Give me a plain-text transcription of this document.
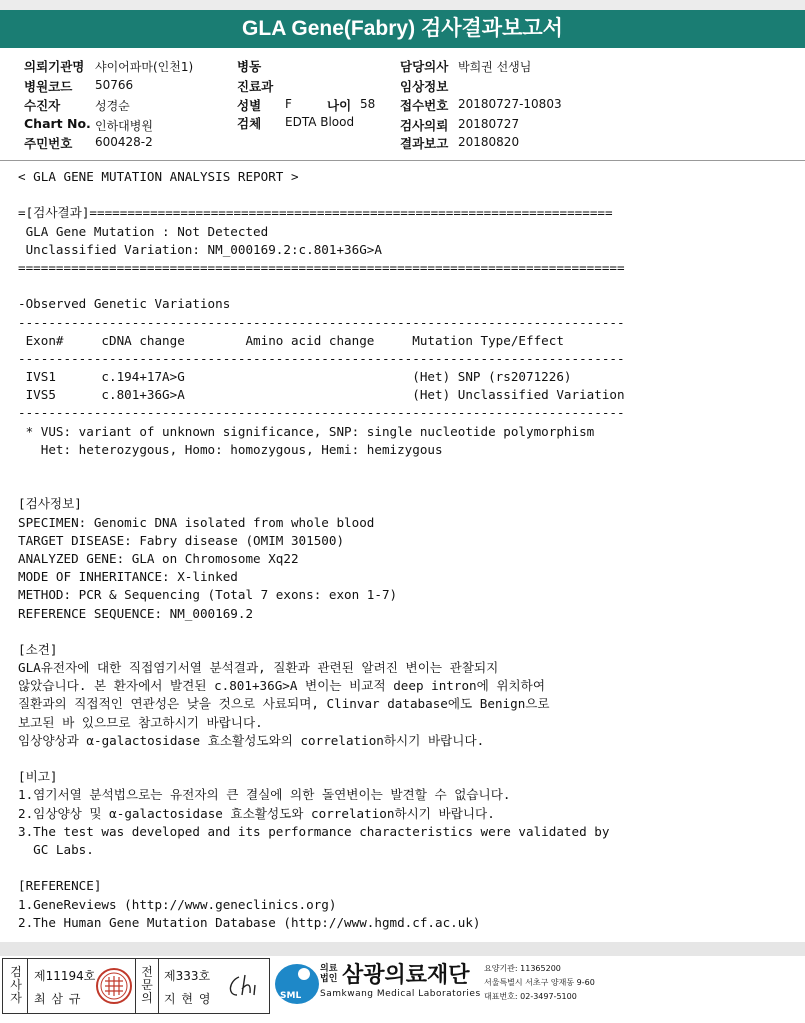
GLA Gene(Fabry) 검사결과보고서
의뢰기관명 샤이어파마(인천1)
병원코드 50766
수진자	성경순
Chart No. 인하대병원
주민번호 600428-2
병동
진료과
성별 F	나이 58
검체 EDTA Blood
담당의사 박희권 선생님
임상정보
접수번호 20180727-10803
검사의뢰 20180727
결과보고 20180820
< GLA GENE MUTATION ANALYSIS REPORT >
=[검사결과]=====================================================================
GLA Gene Mutation : Not Detected
Unclassified Variation: NM_000169.2:c.801+36G>A
================================================================================
-Observed Genetic Variations
--------------------------------------------------------------------------------
Exon#     cDNA change        Amino acid change     Mutation Type/Effect
--------------------------------------------------------------------------------
IVS1      c.194+17A>G                              (Het) SNP (rs2071226)
IVS5      c.801+36G>A                              (Het) Unclassified Variation
--------------------------------------------------------------------------------
* VUS: variant of unknown significance, SNP: single nucleotide polymorphism
Het: heterozygous, Homo: homozygous, Hemi: hemizygous
[검사정보]
SPECIMEN: Genomic DNA isolated from whole blood
TARGET DISEASE: Fabry disease (OMIM 301500)
ANALYZED GENE: GLA on Chromosome Xq22
MODE OF INHERITANCE: X-linked
METHOD: PCR & Sequencing (Total 7 exons: exon 1-7)
REFERENCE SEQUENCE: NM_000169.2
[소견]
GLA유전자에 대한 직접염기서열 분석결과, 질환과 관련된 알려진 변이는 관찰되지
않았습니다. 본 환자에서 발견된 c.801+36G>A 변이는 비교적 deep intron에 위치하여
질환과의 직접적인 연관성은 낮을 것으로 사료되며, Clinvar database에도 Benign으로
보고된 바 있으므로 참고하시기 바랍니다.
임상양상과 α-galactosidase 효소활성도와의 correlation하시기 바랍니다.
[비고]
1.염기서열 분석법으로는 유전자의 큰 결실에 의한 돌연변이는 발견할 수 없습니다.
2.임상양상 및 α-galactosidase 효소활성도와 correlation하시기 바랍니다.
3.The test was developed and its performance characteristics were validated by
GC Labs.
[REFERENCE]
1.GeneReviews (http://www.geneclinics.org)
2.The Human Gene Mutation Database (http://www.hgmd.cf.ac.uk)
검
사
자
제11194호
최 삼 규
전
문
의
제333호
지 현 영	SML
의료법인 삼광의료재단
Samkwang Medical Laboratories
요양기관: 11365200
서울특별시 서초구 양재동 9-60
대표번호: 02-3497-5100
